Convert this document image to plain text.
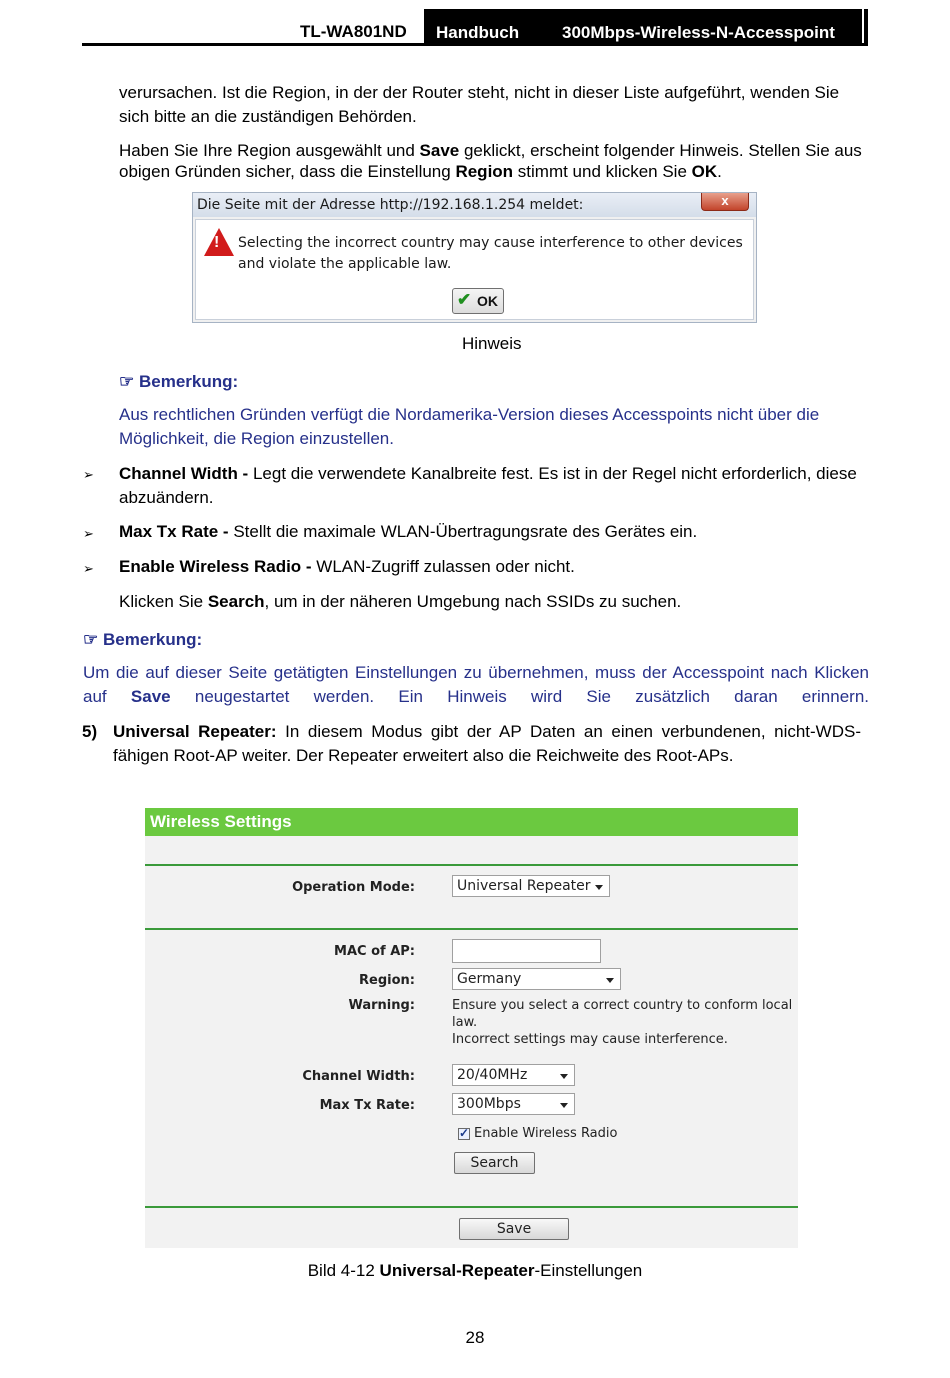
TL-WA801ND Handbuch	300Mbps-Wireless-N-Accesspoint
verursachen. Ist die Region, in der der Router steht, nicht in dieser Liste aufgeführt, wenden Sie sich bitte an die zuständigen Behörden.
Haben Sie Ihre Region ausgewählt und Save geklickt, erscheint folgender Hinweis. Stellen Sie aus obigen Gründen sicher, dass die Einstellung Region stimmt und klicken Sie OK.
Die Seite mit der Adresse http://192.168.1.254 meldet:	x
! Selecting the incorrect country may cause interference to other devices
and violate the applicable law.
✔ OK
Hinweis
☞ Bemerkung:
Aus rechtlichen Gründen verfügt die Nordamerika-Version dieses Accesspoints nicht über die Möglichkeit, die Region einzustellen.
➢ Channel Width - Legt die verwendete Kanalbreite fest. Es ist in der Regel nicht erforderlich, diese abzuändern.
➢ Max Tx Rate - Stellt die maximale WLAN-Übertragungsrate des Gerätes ein.
➢ Enable Wireless Radio - WLAN-Zugriff zulassen oder nicht.
Klicken Sie Search, um in der näheren Umgebung nach SSIDs zu suchen.
☞ Bemerkung:
Um die auf dieser Seite getätigten Einstellungen zu übernehmen, muss der Accesspoint nach Klicken auf Save neugestartet werden. Ein Hinweis wird Sie zusätzlich daran erinnern.
5) Universal Repeater: In diesem Modus gibt der AP Daten an einen verbundenen, nicht-WDS-fähigen Root-AP weiter. Der Repeater erweitert also die Reichweite des Root-APs.
Wireless Settings
Operation Mode:	Universal Repeater
MAC of AP:
Region:	Germany
Warning:	Ensure you select a correct country to conform local law.
Incorrect settings may cause interference.
Channel Width:	20/40MHz
Max Tx Rate:	300Mbps
✓ Enable Wireless Radio
Search
Save
Bild 4-12 Universal-Repeater-Einstellungen
28
